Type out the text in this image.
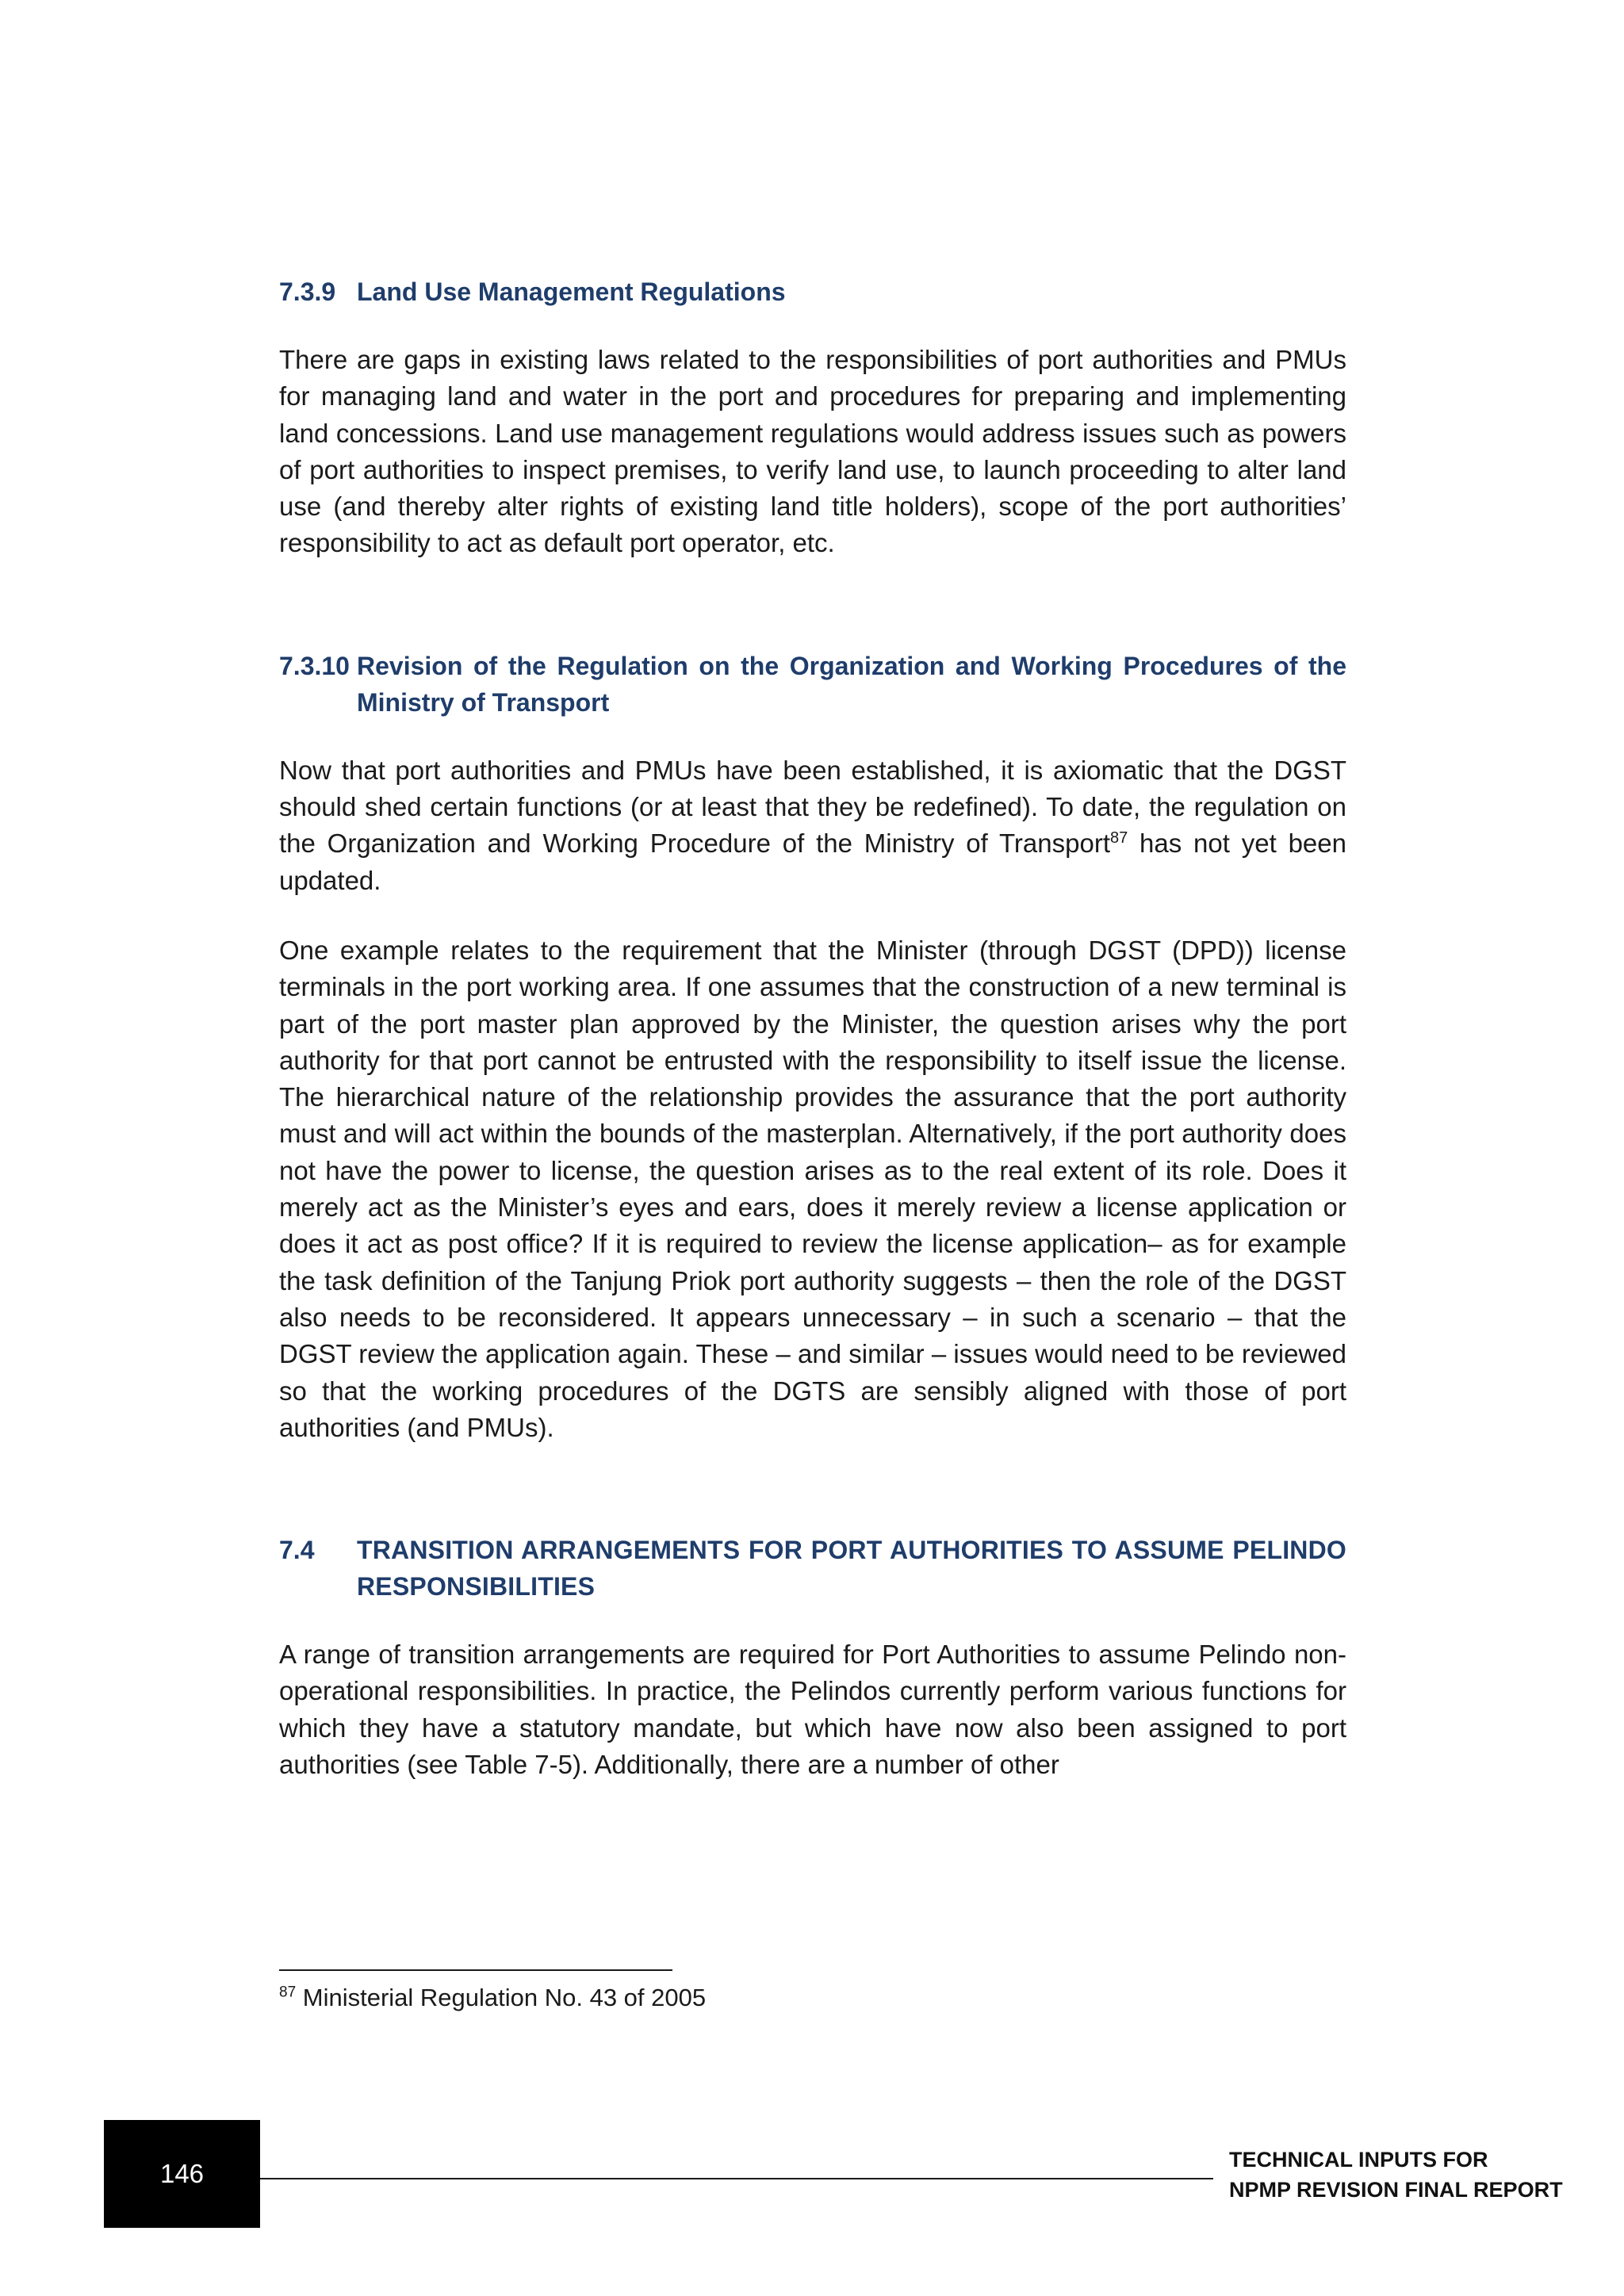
7.3.9 Land Use Management Regulations

There are gaps in existing laws related to the responsibilities of port authorities and PMUs for managing land and water in the port and procedures for preparing and implementing land concessions. Land use management regulations would address issues such as powers of port authorities to inspect premises, to verify land use, to launch proceeding to alter land use (and thereby alter rights of existing land title holders), scope of the port authorities’ responsibility to act as default port operator, etc.

7.3.10 Revision of the Regulation on the Organization and Working Procedures of the Ministry of Transport

Now that port authorities and PMUs have been established, it is axiomatic that the DGST should shed certain functions (or at least that they be redefined). To date, the regulation on the Organization and Working Procedure of the Ministry of Transport$^{87}$ has not yet been updated.

One example relates to the requirement that the Minister (through DGST (DPD)) license terminals in the port working area. If one assumes that the construction of a new terminal is part of the port master plan approved by the Minister, the question arises why the port authority for that port cannot be entrusted with the responsibility to itself issue the license. The hierarchical nature of the relationship provides the assurance that the port authority must and will act within the bounds of the masterplan. Alternatively, if the port authority does not have the power to license, the question arises as to the real extent of its role. Does it merely act as the Minister’s eyes and ears, does it merely review a license application or does it act as post office? If it is required to review the license application– as for example the task definition of the Tanjung Priok port authority suggests – then the role of the DGST also needs to be reconsidered. It appears unnecessary – in such a scenario – that the DGST review the application again. These – and similar – issues would need to be reviewed so that the working procedures of the DGTS are sensibly aligned with those of port authorities (and PMUs).

7.4	TRANSITION ARRANGEMENTS FOR PORT AUTHORITIES TO ASSUME PELINDO RESPONSIBILITIES

A range of transition arrangements are required for Port Authorities to assume Pelindo non-operational responsibilities. In practice, the Pelindos currently perform various functions for which they have a statutory mandate, but which have now also been assigned to port authorities (see Table 7-5). Additionally, there are a number of other

$^{87}$ Ministerial Regulation No. 43 of 2005
146	TECHNICAL INPUTS FOR
NPMP REVISION FINAL REPORT
